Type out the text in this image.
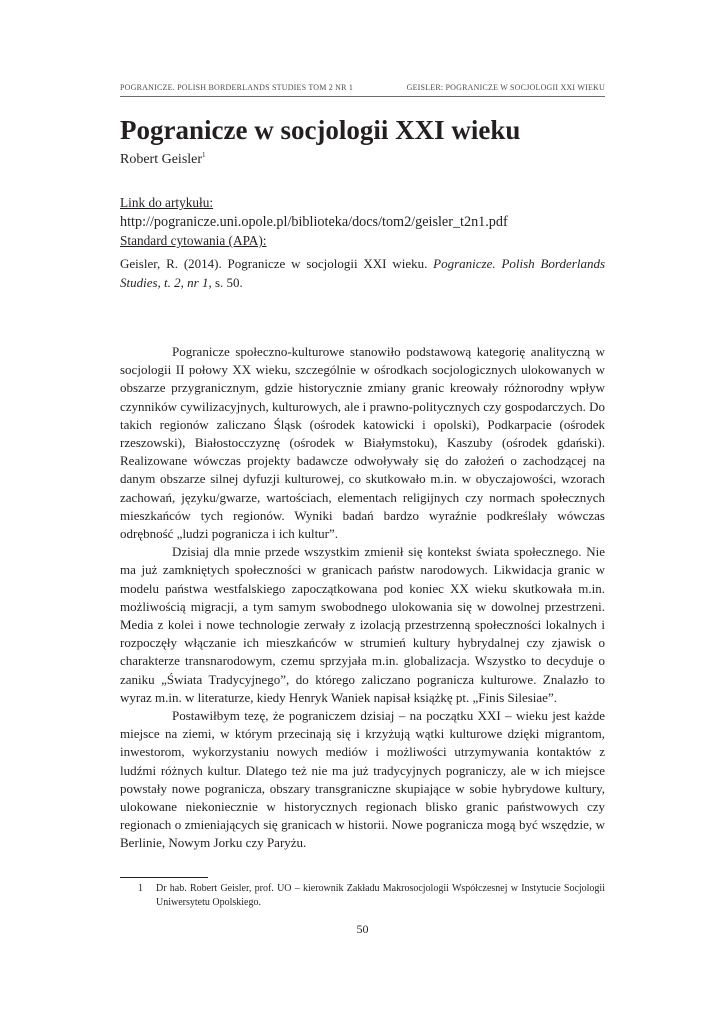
POGRANICZE. POLISH BORDERLANDS STUDIES TOM 2 NR 1	GEISLER: POGRANICZE W SOCJOLOGII XXI WIEKU
Pogranicze w socjologii XXI wieku
Robert Geisler$^1$
Link do artykułu:
http://pogranicze.uni.opole.pl/biblioteka/docs/tom2/geisler_t2n1.pdf
Standard cytowania (APA):
Geisler, R. (2014). Pogranicze w socjologii XXI wieku. Pogranicze. Polish Borderlands Studies, t. 2, nr 1, s. 50.

Pogranicze społeczno-kulturowe stanowiło podstawową kategorię analityczną w socjologii II połowy XX wieku, szczególnie w ośrodkach socjologicznych ulokowanych w obszarze przygranicznym, gdzie historycznie zmiany granic kreowały różnorodny wpływ czynników cywilizacyjnych, kulturowych, ale i prawno-politycznych czy gospodarczych. Do takich regionów zaliczano Śląsk (ośrodek katowicki i opolski), Podkarpacie (ośrodek rzeszowski), Białostocczyznę (ośrodek w Białymstoku), Kaszuby (ośrodek gdański). Realizowane wówczas projekty badawcze odwoływały się do założeń o zachodzącej na danym obszarze silnej dyfuzji kulturowej, co skutkowało m.in. w obyczajowości, wzorach zachowań, języku/gwarze, wartościach, elementach religijnych czy normach społecznych mieszkańców tych regionów. Wyniki badań bardzo wyraźnie podkreślały wówczas odrębność „ludzi pogranicza i ich kultur”.

Dzisiaj dla mnie przede wszystkim zmienił się kontekst świata społecznego. Nie ma już zamkniętych społeczności w granicach państw narodowych. Likwidacja granic w modelu państwa westfalskiego zapoczątkowana pod koniec XX wieku skutkowała m.in. możliwością migracji, a tym samym swobodnego ulokowania się w dowolnej przestrzeni. Media z kolei i nowe technologie zerwały z izolacją przestrzenną społeczności lokalnych i rozpoczęły włączanie ich mieszkańców w strumień kultury hybrydalnej czy zjawisk o charakterze transnarodowym, czemu sprzyjała m.in. globalizacja. Wszystko to decyduje o zaniku „Świata Tradycyjnego”, do którego zaliczano pogranicza kulturowe. Znalazło to wyraz m.in. w literaturze, kiedy Henryk Waniek napisał książkę pt. „Finis Silesiae”.

Postawiłbym tezę, że pograniczem dzisiaj – na początku XXI – wieku jest każde miejsce na ziemi, w którym przecinają się i krzyżują wątki kulturowe dzięki migrantom, inwestorom, wykorzystaniu nowych mediów i możliwości utrzymywania kontaktów z ludźmi różnych kultur. Dlatego też nie ma już tradycyjnych pograniczy, ale w ich miejsce powstały nowe pogranicza, obszary transgraniczne skupiające w sobie hybrydowe kultury, ulokowane niekoniecznie w historycznych regionach blisko granic państwowych czy regionach o zmieniających się granicach w historii. Nowe pogranicza mogą być wszędzie, w Berlinie, Nowym Jorku czy Paryżu.

1 Dr hab. Robert Geisler, prof. UO – kierownik Zakładu Makrosocjologii Współczesnej w Instytucie Socjologii Uniwersytetu Opolskiego.
50
